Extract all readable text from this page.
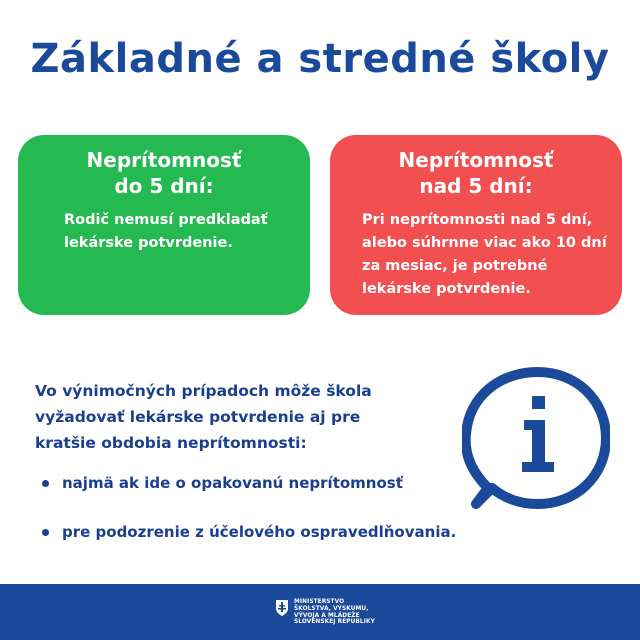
Základné a stredné školy
Neprítomnosť
do 5 dní:

Rodič nemusí predkladať lekárske potvrdenie.

Neprítomnosť
nad 5 dní:

Pri neprítomnosti nad 5 dní, alebo súhrnne viac ako 10 dní za mesiac, je potrebné lekárske potvrdenie.

Vo výnimočných prípadoch môže škola vyžadovať lekárske potvrdenie aj pre kratšie obdobia neprítomnosti:
najmä ak ide o opakovanú neprítomnosť
pre podozrenie z účelového ospravedlňovania.
MINISTERSTVO
ŠKOLSTVA, VÝSKUMU,
VÝVOJA A MLÁDEŽE
SLOVENSKEJ REPUBLIKY
